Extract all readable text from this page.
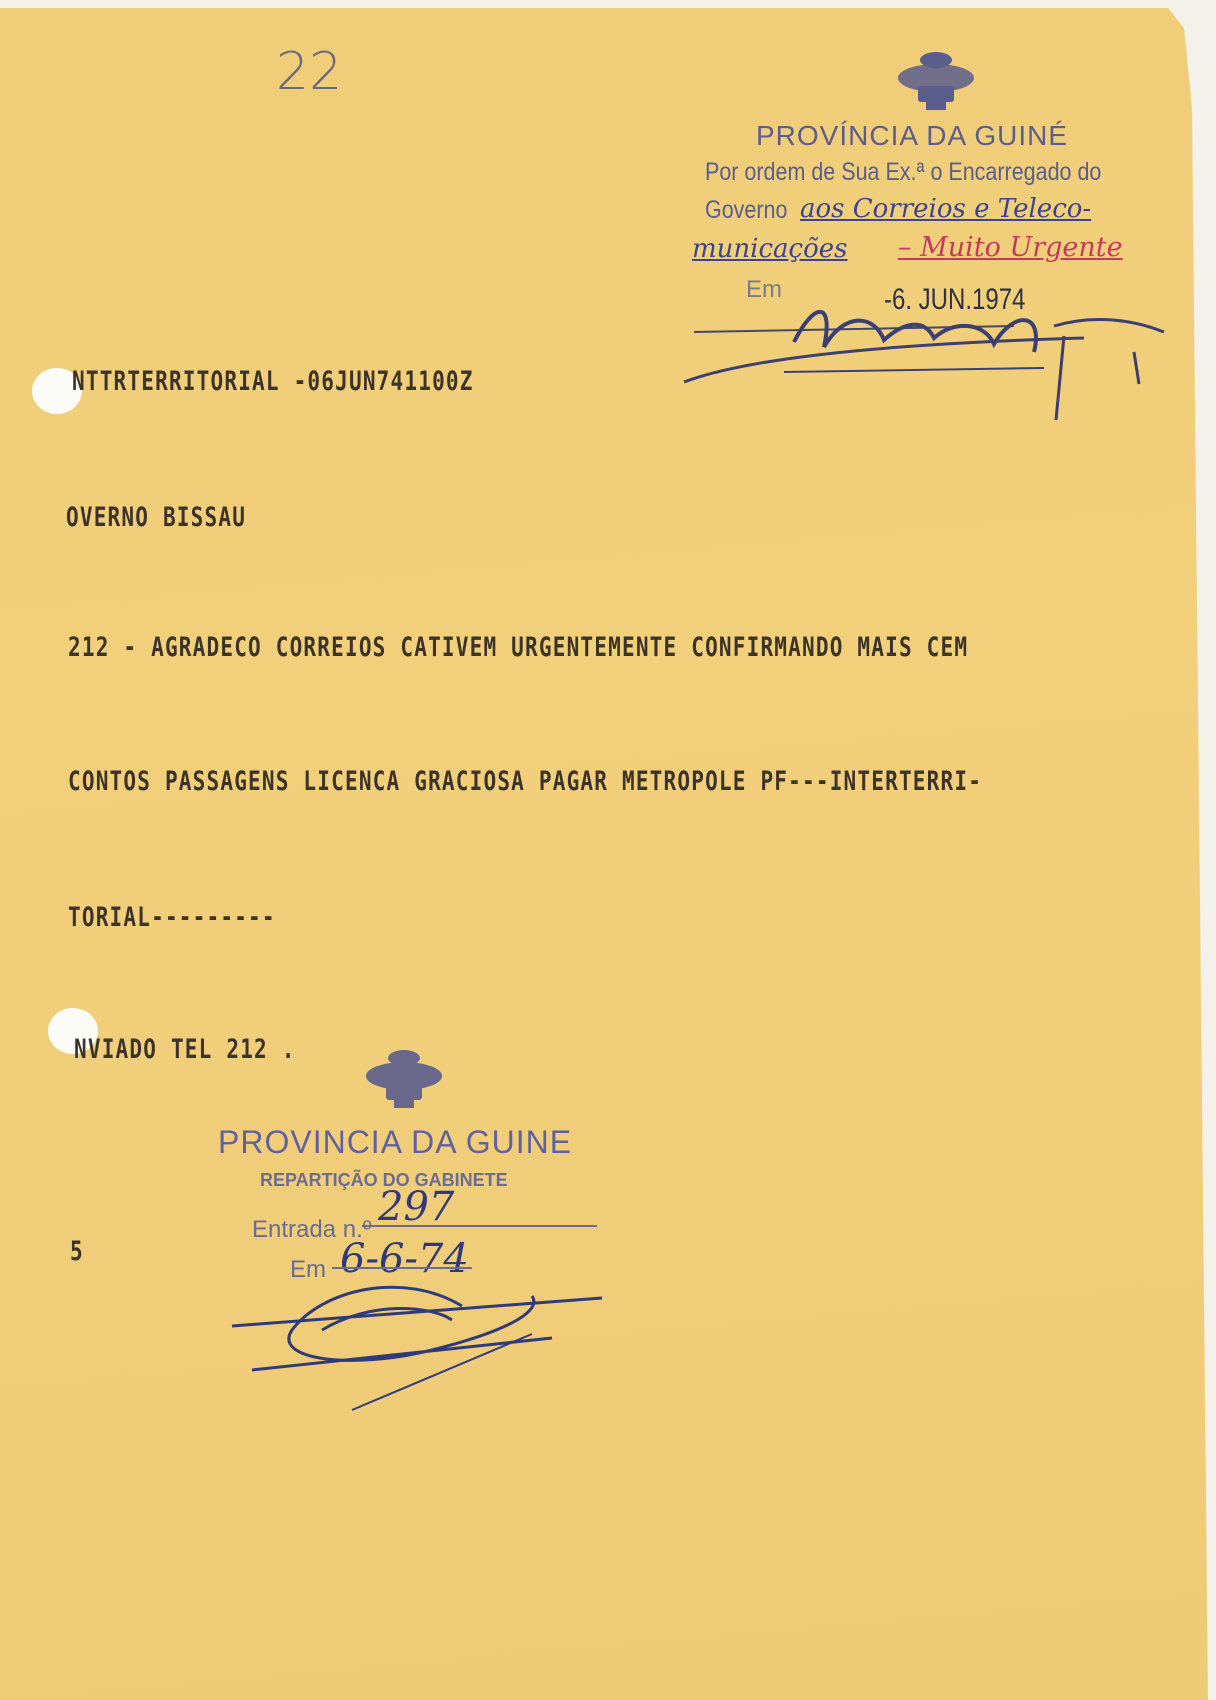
22
PROVÍNCIA DA GUINÉ
Por ordem de Sua Ex.ª o Encarregado do
Governo aos Correios e Teleco-
municações – Muito Urgente
Em	-6. JUN.1974
NTTRTERRITORIAL -06JUN741100Z
OVERNO BISSAU
212 - AGRADECO CORREIOS CATIVEM URGENTEMENTE CONFIRMANDO MAIS CEM
CONTOS PASSAGENS LICENCA GRACIOSA PAGAR METROPOLE PF---INTERTERRI-
TORIAL---------
NVIADO TEL 212 .
5
PROVINCIA DA GUINE
REPARTIÇÃO DO GABINETE
Entrada n.º 297
Em 6-6-74
